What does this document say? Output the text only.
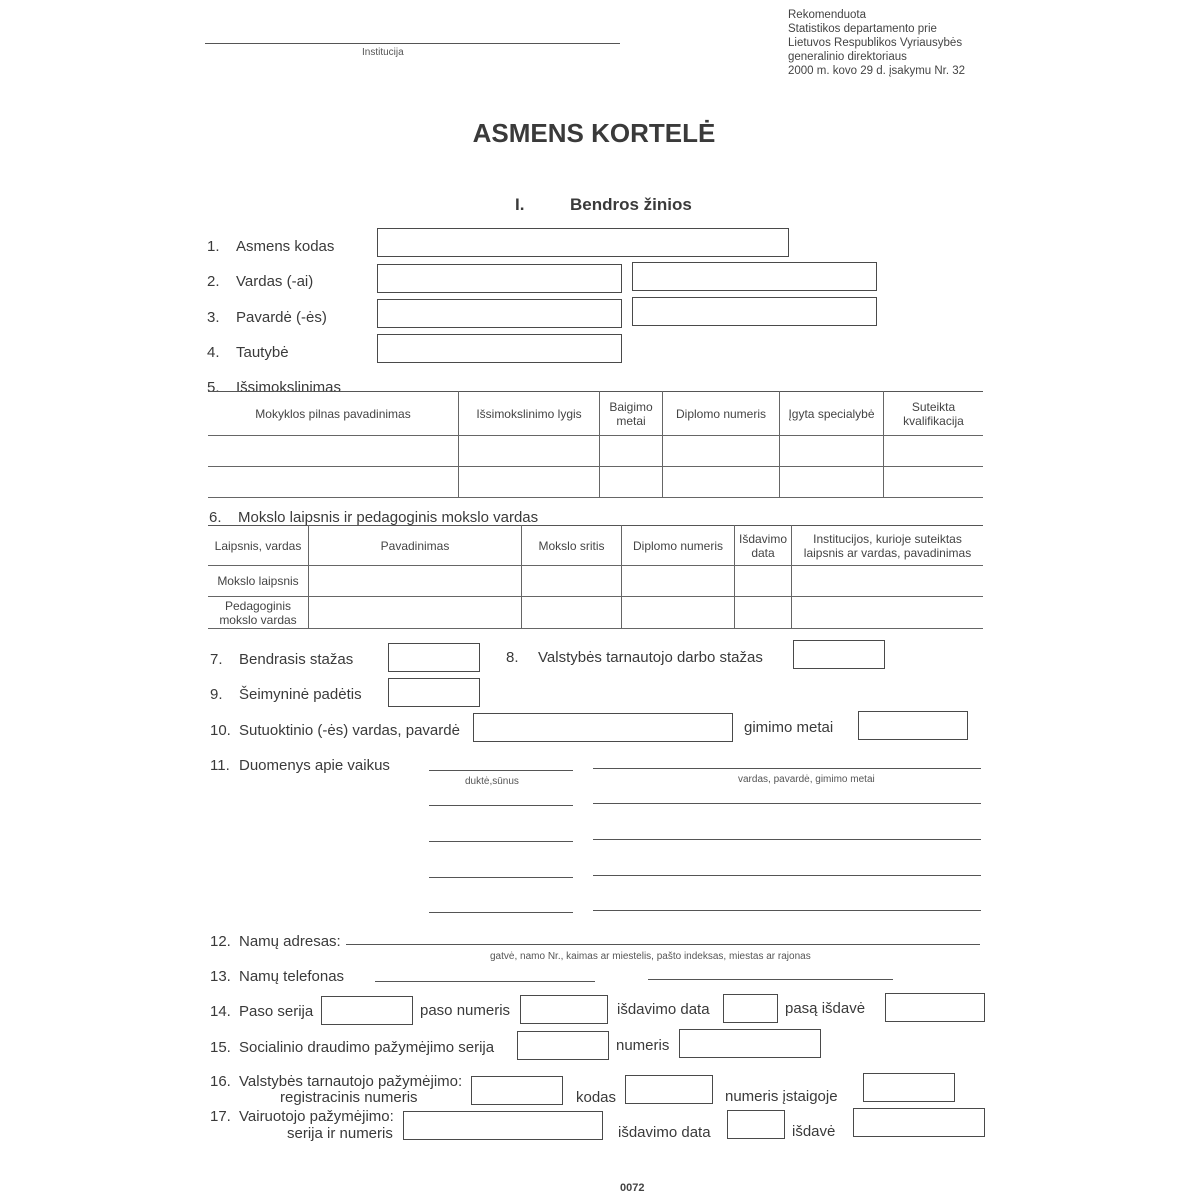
Institucija
Rekomenduota
Statistikos departamento prie
Lietuvos Respublikos Vyriausybės
generalinio direktoriaus
2000 m. kovo 29 d. įsakymu Nr. 32
ASMENS KORTELĖ
I.	Bendros žinios
1. Asmens kodas
2. Vardas (-ai)
3. Pavardė (-ės)
4. Tautybė
5. Išsimokslinimas
Mokyklos pilnas pavadinimas	Išsimokslinimo lygis	Baigimo metai	Diplomo numeris	Įgyta specialybė	Suteikta kvalifikacija

6. Mokslo laipsnis ir pedagoginis mokslo vardas
Laipsnis, vardas	Pavadinimas	Mokslo sritis	Diplomo numeris	Išdavimo data	Institucijos, kurioje suteiktas laipsnis ar vardas, pavadinimas
Mokslo laipsnis					
Pedagoginis mokslo vardas					
7. Bendrasis stažas	8. Valstybės tarnautojo darbo stažas
9. Šeimyninė padėtis
10. Sutuoktinio (-ės) vardas, pavardė	gimimo metai
11. Duomenys apie vaikus
duktė,sūnus	vardas, pavardė, gimimo metai
12. Namų adresas:
gatvė, namo Nr., kaimas ar miestelis, pašto indeksas, miestas ar rajonas
13. Namų telefonas
14. Paso serija	paso numeris	išdavimo data	pasą išdavė
15. Socialinio draudimo pažymėjimo serija	numeris
16. Valstybės tarnautojo pažymėjimo:
registracinis numeris	kodas	numeris įstaigoje
17. Vairuotojo pažymėjimo:
serija ir numeris	išdavimo data	išdavė
0072
